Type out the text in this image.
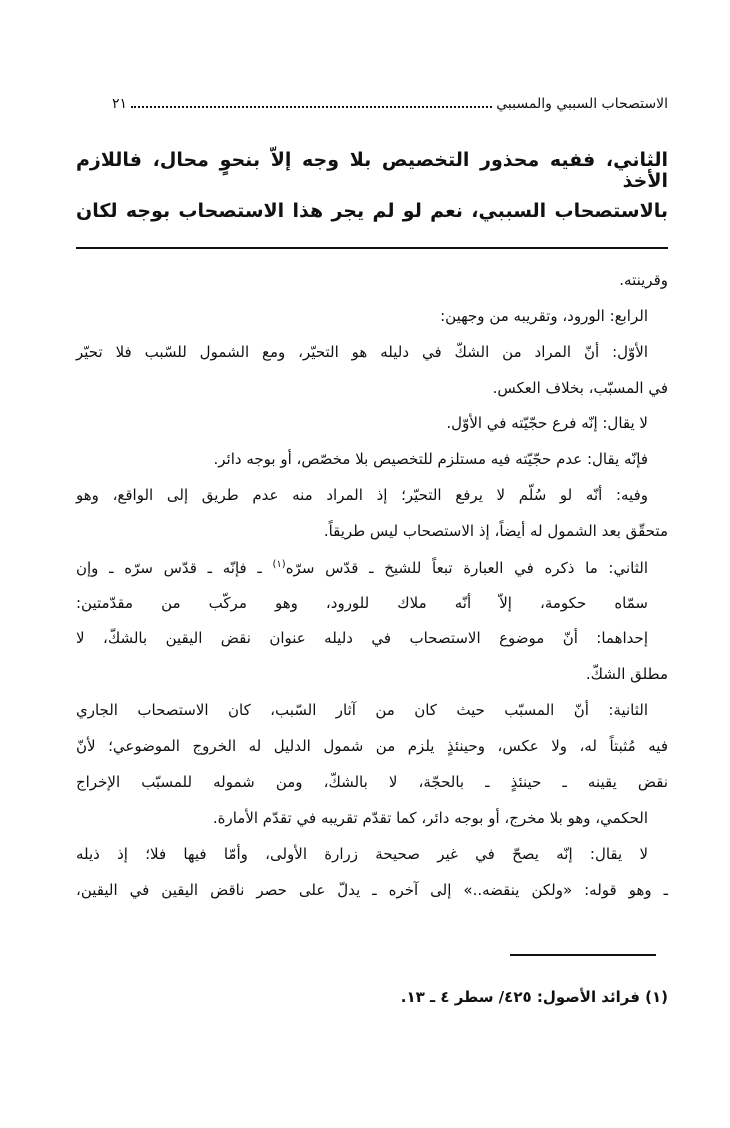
الاستصحاب السببي والمسببي
٢١
الثاني، ففيه محذور التخصيص بلا وجه إلاّ بنحوٍ محال، فاللازم الأخذ
بالاستصحاب السببي، نعم لو لم يجر هذا الاستصحاب بوجه لكان
وقرينته.
الرابع: الورود، وتقريبه من وجهين:
الأوّل: أنّ المراد من الشكّ في دليله هو التحيّر، ومع الشمول للسّبب فلا تحيّر
في المسبّب، بخلاف العكس.
لا يقال: إنّه فرع حجّيّته في الأوّل.
فإنّه يقال: عدم حجّيّته فيه مستلزم للتخصيص بلا مخصّص، أو بوجه دائر.
وفيه: أنّه لو سُلّم لا يرفع التحيّر؛ إذ المراد منه عدم طريق إلى الواقع، وهو
متحقّق بعد الشمول له أيضاً، إذ الاستصحاب ليس طريقاً.
الثاني: ما ذكره في العبارة تبعاً للشيخ ـ قدّس سرّه$^{(١)}$ ـ فإنّه ـ قدّس سرّه ـ وإن
سمّاه حكومة، إلاّ أنّه ملاك للورود، وهو مركّب من مقدّمتين:
إحداهما: أنّ موضوع الاستصحاب في دليله عنوان نقض اليقين بالشكّ، لا
مطلق الشكّ.
الثانية: أنّ المسبّب حيث كان من آثار السّبب، كان الاستصحاب الجاري
فيه مُثبتاً له، ولا عكس، وحينئذٍ يلزم من شمول الدليل له الخروج الموضوعي؛ لأنّ
نقض يقينه ـ حينئذٍ ـ بالحجّة، لا بالشكّ، ومن شموله للمسبّب الإخراج
الحكمي، وهو بلا مخرج، أو بوجه دائر، كما تقدّم تقريبه في تقدّم الأمارة.
لا يقال: إنّه يصحّ في غير صحيحة زرارة الأولى، وأمّا فيها فلا؛ إذ ذيله
ـ وهو قوله: «ولكن ينقضه..» إلى آخره ـ يدلّ على حصر ناقض اليقين في اليقين،
(١) فرائد الأصول: ٤٢٥/ سطر ٤ ـ ١٣.
